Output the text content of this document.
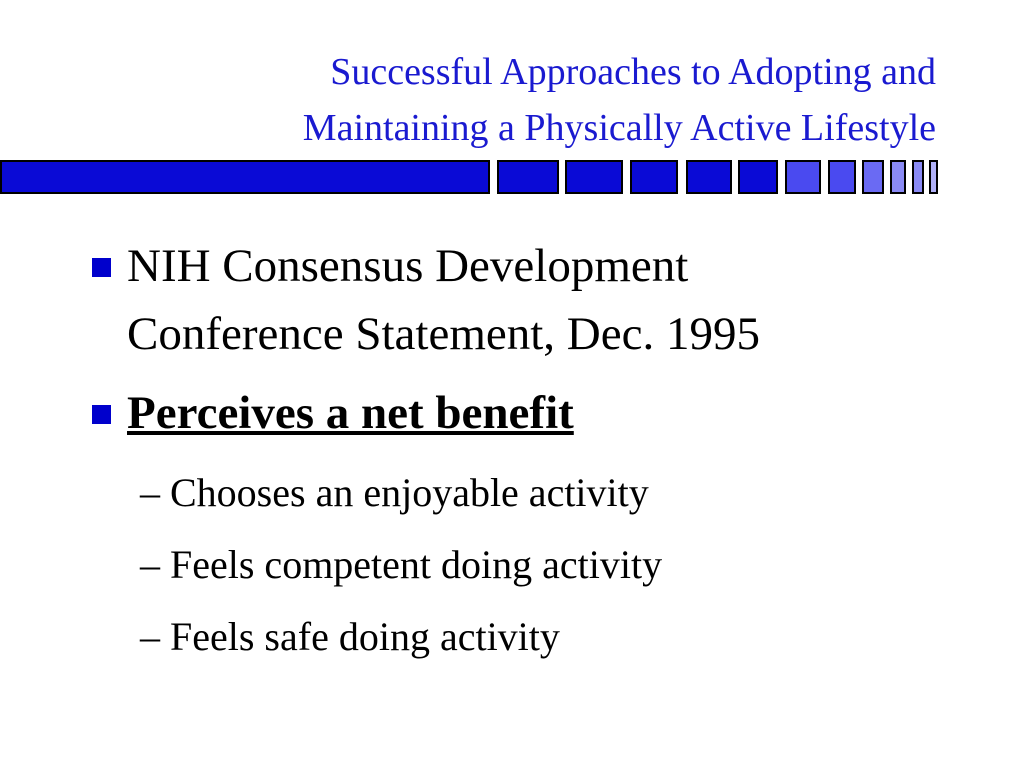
Successful Approaches to Adopting and
Maintaining a Physically Active Lifestyle
NIH Consensus Development
Conference Statement, Dec. 1995
Perceives a net benefit
– Chooses an enjoyable activity
– Feels competent doing activity
– Feels safe doing activity
